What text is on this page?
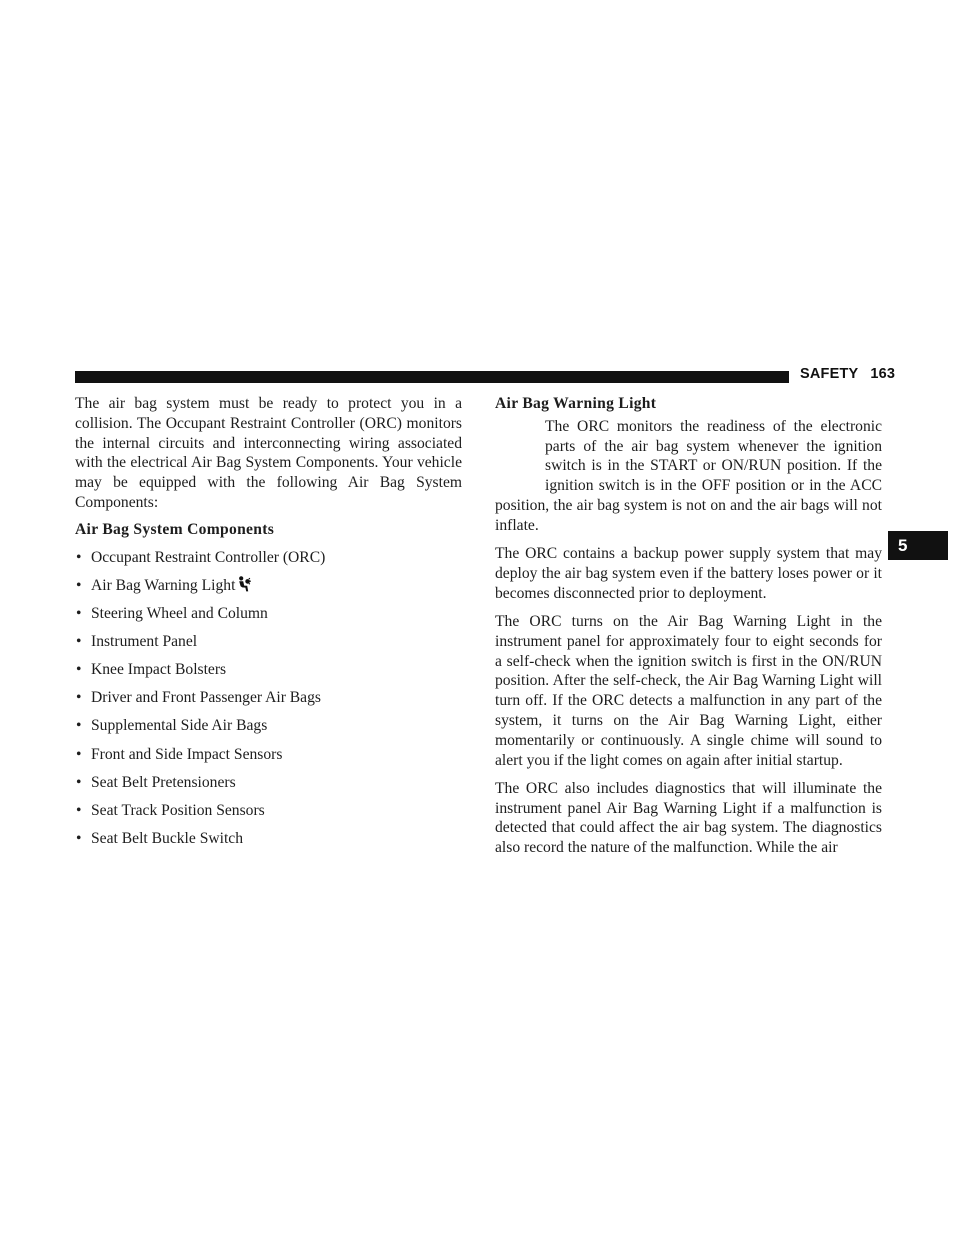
SAFETY 163
5

The air bag system must be ready to protect you in a collision. The Occupant Restraint Controller (ORC) monitors the internal circuits and interconnecting wiring associated with the electrical Air Bag System Components. Your vehicle may be equipped with the following Air Bag System Components:

Air Bag System Components
• Occupant Restraint Controller (ORC)
• Air Bag Warning Light
• Steering Wheel and Column
• Instrument Panel
• Knee Impact Bolsters
• Driver and Front Passenger Air Bags
• Supplemental Side Air Bags
• Front and Side Impact Sensors
• Seat Belt Pretensioners
• Seat Track Position Sensors
• Seat Belt Buckle Switch
Air Bag Warning Light

The ORC monitors the readiness of the electronic parts of the air bag system whenever the ignition switch is in the START or ON/RUN position. If the ignition switch is in the OFF position or in the ACC position, the air bag system is not on and the air bags will not inflate.

The ORC contains a backup power supply system that may deploy the air bag system even if the battery loses power or it becomes disconnected prior to deployment.

The ORC turns on the Air Bag Warning Light in the instrument panel for approximately four to eight seconds for a self-check when the ignition switch is first in the ON/RUN position. After the self-check, the Air Bag Warning Light will turn off. If the ORC detects a malfunction in any part of the system, it turns on the Air Bag Warning Light, either momentarily or continuously. A single chime will sound to alert you if the light comes on again after initial startup.

The ORC also includes diagnostics that will illuminate the instrument panel Air Bag Warning Light if a malfunction is detected that could affect the air bag system. The diagnostics also record the nature of the malfunction. While the air
